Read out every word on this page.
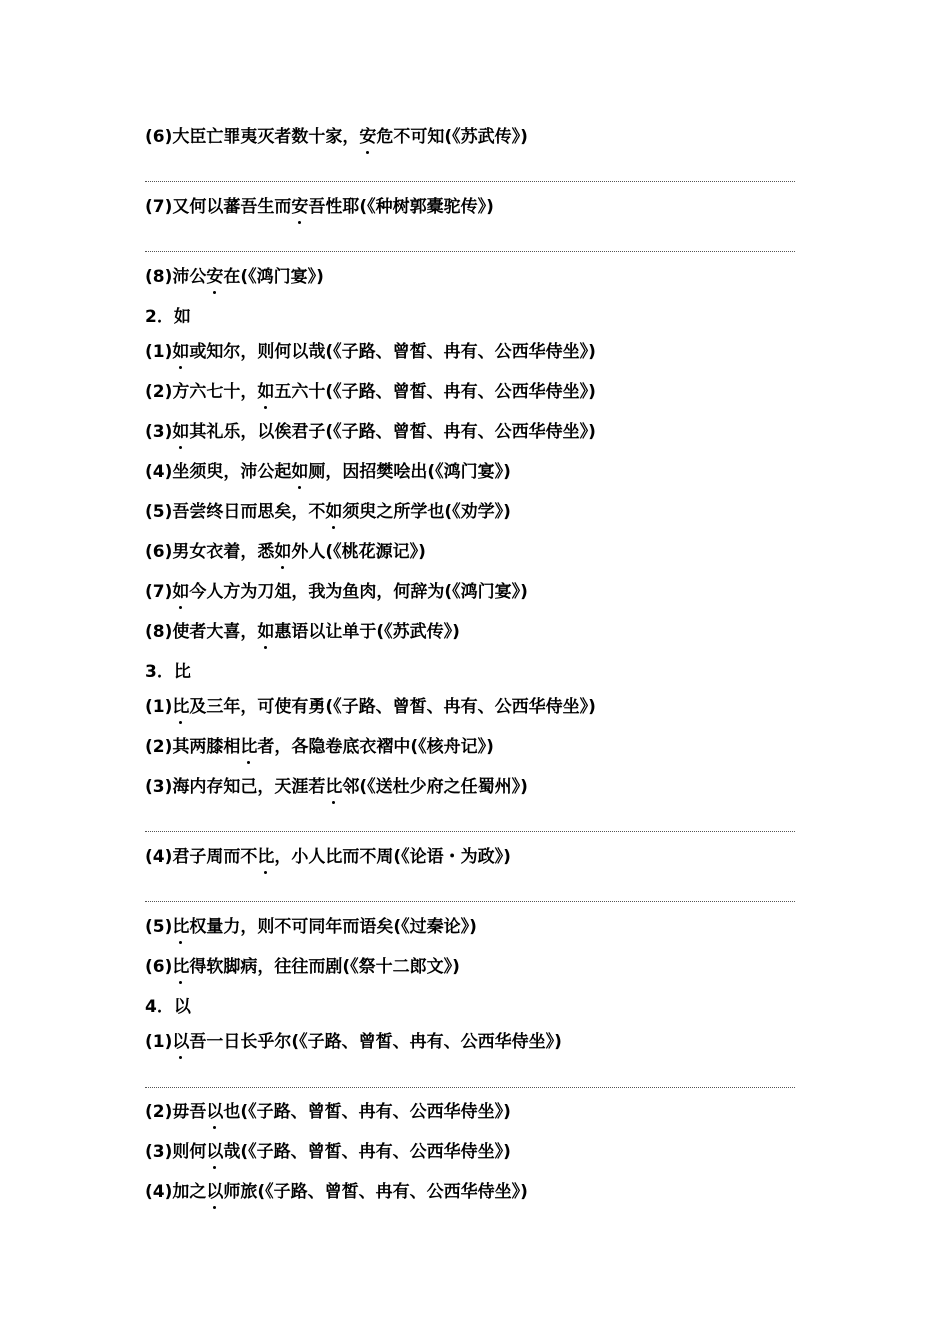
(6)大臣亡罪夷灭者数十家，安危不可知(《苏武传》)
(7)又何以蕃吾生而安吾性耶(《种树郭橐驼传》)
(8)沛公安在(《鸿门宴》)
2．如
(1)如或知尔，则何以哉(《子路、曾皙、冉有、公西华侍坐》)
(2)方六七十，如五六十(《子路、曾皙、冉有、公西华侍坐》)
(3)如其礼乐，以俟君子(《子路、曾皙、冉有、公西华侍坐》)
(4)坐须臾，沛公起如厕，因招樊哙出(《鸿门宴》)
(5)吾尝终日而思矣，不如须臾之所学也(《劝学》)
(6)男女衣着，悉如外人(《桃花源记》)
(7)如今人方为刀俎，我为鱼肉，何辞为(《鸿门宴》)
(8)使者大喜，如惠语以让单于(《苏武传》)
3．比
(1)比及三年，可使有勇(《子路、曾皙、冉有、公西华侍坐》)
(2)其两膝相比者，各隐卷底衣褶中(《核舟记》)
(3)海内存知己，天涯若比邻(《送杜少府之任蜀州》)
(4)君子周而不比，小人比而不周(《论语・为政》)
(5)比权量力，则不可同年而语矣(《过秦论》)
(6)比得软脚病，往往而剧(《祭十二郎文》)
4．以
(1)以吾一日长乎尔(《子路、曾皙、冉有、公西华侍坐》)
(2)毋吾以也(《子路、曾皙、冉有、公西华侍坐》)
(3)则何以哉(《子路、曾皙、冉有、公西华侍坐》)
(4)加之以师旅(《子路、曾皙、冉有、公西华侍坐》)
